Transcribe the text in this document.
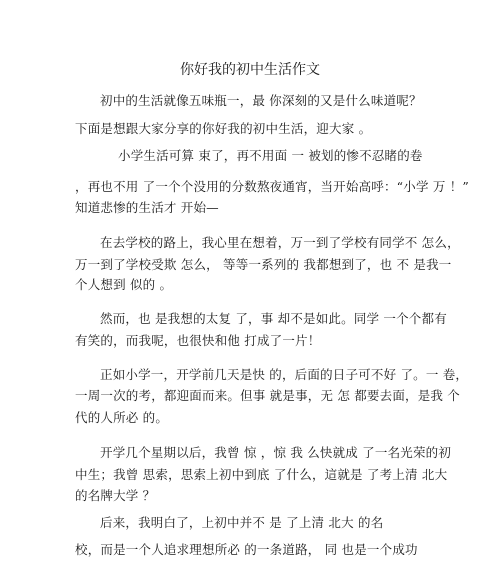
你好我的初中生活作文
初中的生活就像五味瓶一，最 你深刻的又是什么味道呢？
下面是想跟大家分享的你好我的初中生活，迎大家 。
小学生活可算 束了，再不用面 一 被划的惨不忍睹的卷
，再也不用 了一个个没用的分数熬夜通宵，当开始高呼：“小学 万 ！”
知道悲惨的生活才 开始—
在去学校的路上，我心里在想着，万一到了学校有同学不 怎么，
万一到了学校受欺 怎么， 等等一系列的 我都想到了，也 不 是我一
个人想到 似的 。
然而，也 是我想的太复 了，事 却不是如此。同学 一个个都有
有笑的，而我呢，也很快和他 打成了一片！
正如小学一，开学前几天是快 的，后面的日子可不好 了。一 卷，
一周一次的考，都迎面而来。但事 就是事，无 怎 都要去面，是我 个
代的人所必 的。
开学几个星期以后，我曾 惊 ，惊 我 么快就成 了一名光荣的初
中生；我曾 思索，思索上初中到底 了什么，這就是 了考上清 北大
的名牌大学 ？
后来，我明白了，上初中并不 是 了上清 北大 的名
校，而是一个人追求理想所必 的一条道路， 同 也是一个成功
